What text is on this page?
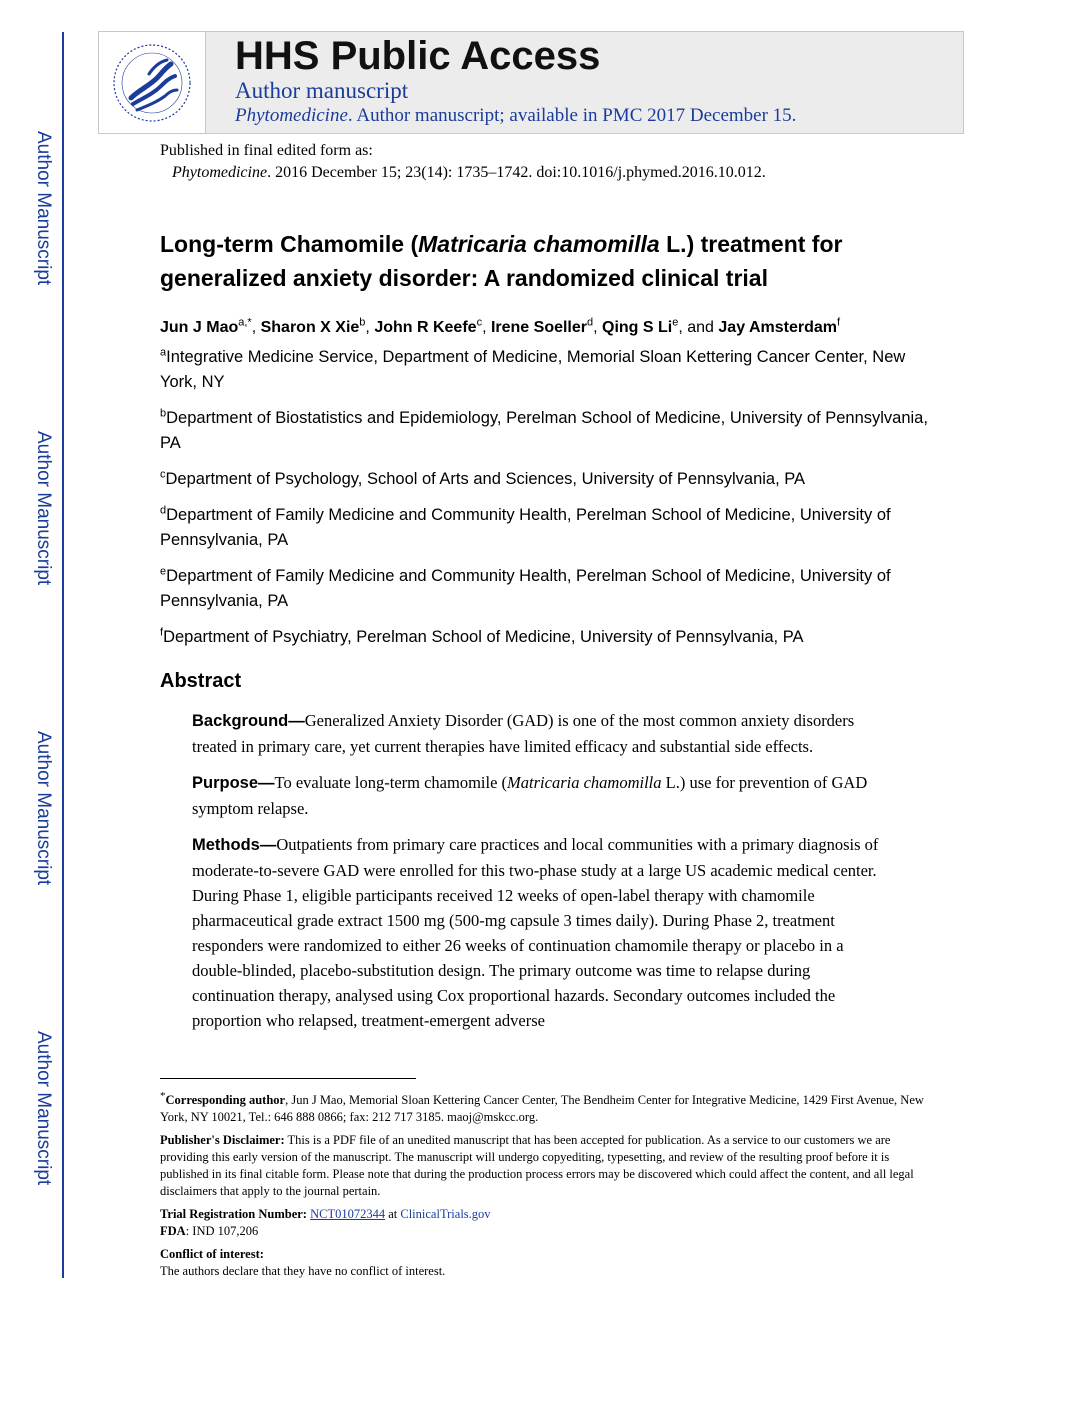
Author Manuscript
Author Manuscript
Author Manuscript
Author Manuscript
HHS Public Access
Author manuscript
Phytomedicine. Author manuscript; available in PMC 2017 December 15.
Published in final edited form as:
Phytomedicine. 2016 December 15; 23(14): 1735–1742. doi:10.1016/j.phymed.2016.10.012.
Long-term Chamomile (Matricaria chamomilla L.) treatment for generalized anxiety disorder: A randomized clinical trial
Jun J Mao$^{a,*}$, Sharon X Xie$^b$, John R Keefe$^c$, Irene Soeller$^d$, Qing S Li$^e$, and Jay Amsterdam$^f$
$^a$Integrative Medicine Service, Department of Medicine, Memorial Sloan Kettering Cancer Center, New York, NY
$^b$Department of Biostatistics and Epidemiology, Perelman School of Medicine, University of Pennsylvania, PA
$^c$Department of Psychology, School of Arts and Sciences, University of Pennsylvania, PA
$^d$Department of Family Medicine and Community Health, Perelman School of Medicine, University of Pennsylvania, PA
$^e$Department of Family Medicine and Community Health, Perelman School of Medicine, University of Pennsylvania, PA
$^f$Department of Psychiatry, Perelman School of Medicine, University of Pennsylvania, PA
Abstract

Background—Generalized Anxiety Disorder (GAD) is one of the most common anxiety disorders treated in primary care, yet current therapies have limited efficacy and substantial side effects.

Purpose—To evaluate long-term chamomile (Matricaria chamomilla L.) use for prevention of GAD symptom relapse.

Methods—Outpatients from primary care practices and local communities with a primary diagnosis of moderate-to-severe GAD were enrolled for this two-phase study at a large US academic medical center. During Phase 1, eligible participants received 12 weeks of open-label therapy with chamomile pharmaceutical grade extract 1500 mg (500-mg capsule 3 times daily). During Phase 2, treatment responders were randomized to either 26 weeks of continuation chamomile therapy or placebo in a double-blinded, placebo-substitution design. The primary outcome was time to relapse during continuation therapy, analysed using Cox proportional hazards. Secondary outcomes included the proportion who relapsed, treatment-emergent adverse

*Corresponding author, Jun J Mao, Memorial Sloan Kettering Cancer Center, The Bendheim Center for Integrative Medicine, 1429 First Avenue, New York, NY 10021, Tel.: 646 888 0866; fax: 212 717 3185. maoj@mskcc.org.

Publisher's Disclaimer: This is a PDF file of an unedited manuscript that has been accepted for publication. As a service to our customers we are providing this early version of the manuscript. The manuscript will undergo copyediting, typesetting, and review of the resulting proof before it is published in its final citable form. Please note that during the production process errors may be discovered which could affect the content, and all legal disclaimers that apply to the journal pertain.

Trial Registration Number: NCT01072344 at ClinicalTrials.gov

FDA: IND 107,206

Conflict of interest:
The authors declare that they have no conflict of interest.
